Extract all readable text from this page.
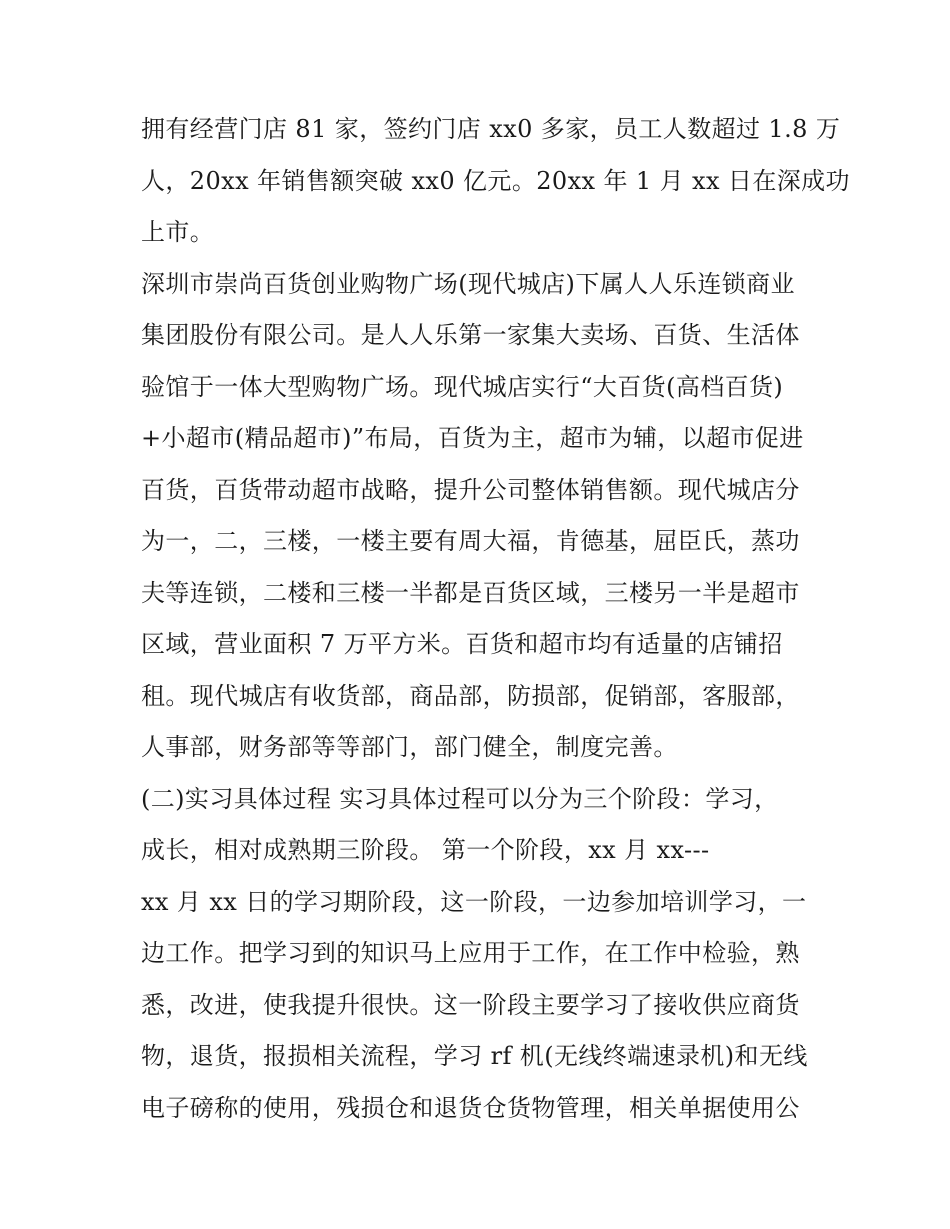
拥有经营门店 81 家，签约门店 xx0 多家，员工人数超过 1.8 万
人，20xx 年销售额突破 xx0 亿元。20xx 年 1 月 xx 日在深成功
上市。
深圳市崇尚百货创业购物广场(现代城店)下属人人乐连锁商业
集团股份有限公司。是人人乐第一家集大卖场、百货、生活体
验馆于一体大型购物广场。现代城店实行“大百货(高档百货)
+小超市(精品超市)”布局，百货为主，超市为辅，以超市促进
百货，百货带动超市战略，提升公司整体销售额。现代城店分
为一，二，三楼，一楼主要有周大福，肯德基，屈臣氏，蒸功
夫等连锁，二楼和三楼一半都是百货区域，三楼另一半是超市
区域，营业面积 7 万平方米。百货和超市均有适量的店铺招
租。现代城店有收货部，商品部，防损部，促销部，客服部，
人事部，财务部等等部门，部门健全，制度完善。
(二)实习具体过程 实习具体过程可以分为三个阶段：学习，
成长，相对成熟期三阶段。 第一个阶段，xx 月 xx---
xx 月 xx 日的学习期阶段，这一阶段，一边参加培训学习，一
边工作。把学习到的知识马上应用于工作，在工作中检验，熟
悉，改进，使我提升很快。这一阶段主要学习了接收供应商货
物，退货，报损相关流程，学习 rf 机(无线终端速录机)和无线
电子磅称的使用，残损仓和退货仓货物管理，相关单据使用公
